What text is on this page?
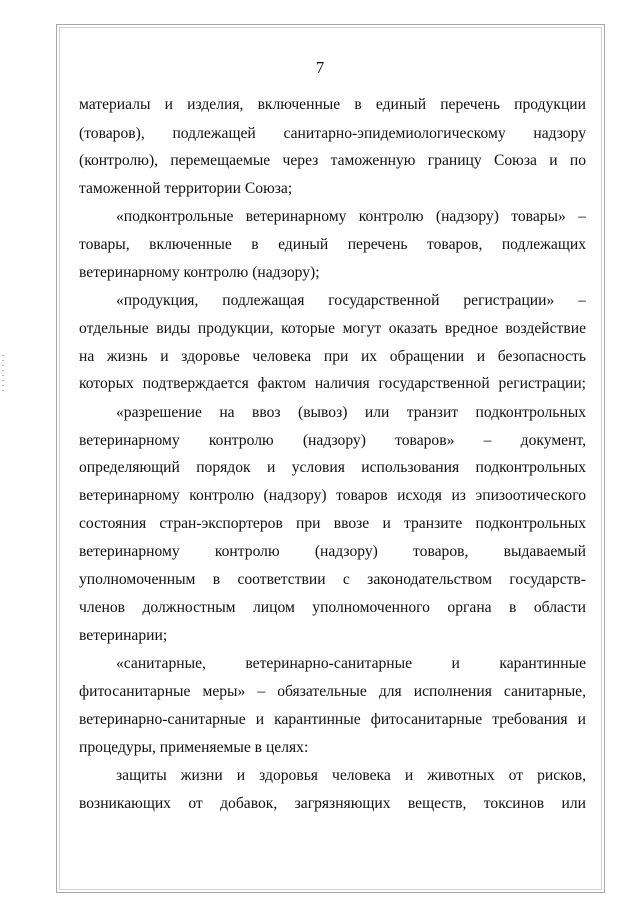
7
материалы и изделия, включенные в единый перечень продукции
(товаров), подлежащей санитарно-эпидемиологическому надзору
(контролю), перемещаемые через таможенную границу Союза и по
таможенной территории Союза;
«подконтрольные ветеринарному контролю (надзору) товары» –
товары, включенные в единый перечень товаров, подлежащих
ветеринарному контролю (надзору);
«продукция, подлежащая государственной регистрации» –
отдельные виды продукции, которые могут оказать вредное воздействие
на жизнь и здоровье человека при их обращении и безопасность
которых подтверждается фактом наличия государственной регистрации;
«разрешение на ввоз (вывоз) или транзит подконтрольных
ветеринарному контролю (надзору) товаров» – документ,
определяющий порядок и условия использования подконтрольных
ветеринарному контролю (надзору) товаров исходя из эпизоотического
состояния стран-экспортеров при ввозе и транзите подконтрольных
ветеринарному контролю (надзору) товаров, выдаваемый
уполномоченным в соответствии с законодательством государств-
членов должностным лицом уполномоченного органа в области
ветеринарии;
«санитарные, ветеринарно-санитарные и карантинные
фитосанитарные меры» – обязательные для исполнения санитарные,
ветеринарно-санитарные и карантинные фитосанитарные требования и
процедуры, применяемые в целях:
защиты жизни и здоровья человека и животных от рисков,
возникающих от добавок, загрязняющих веществ, токсинов или
